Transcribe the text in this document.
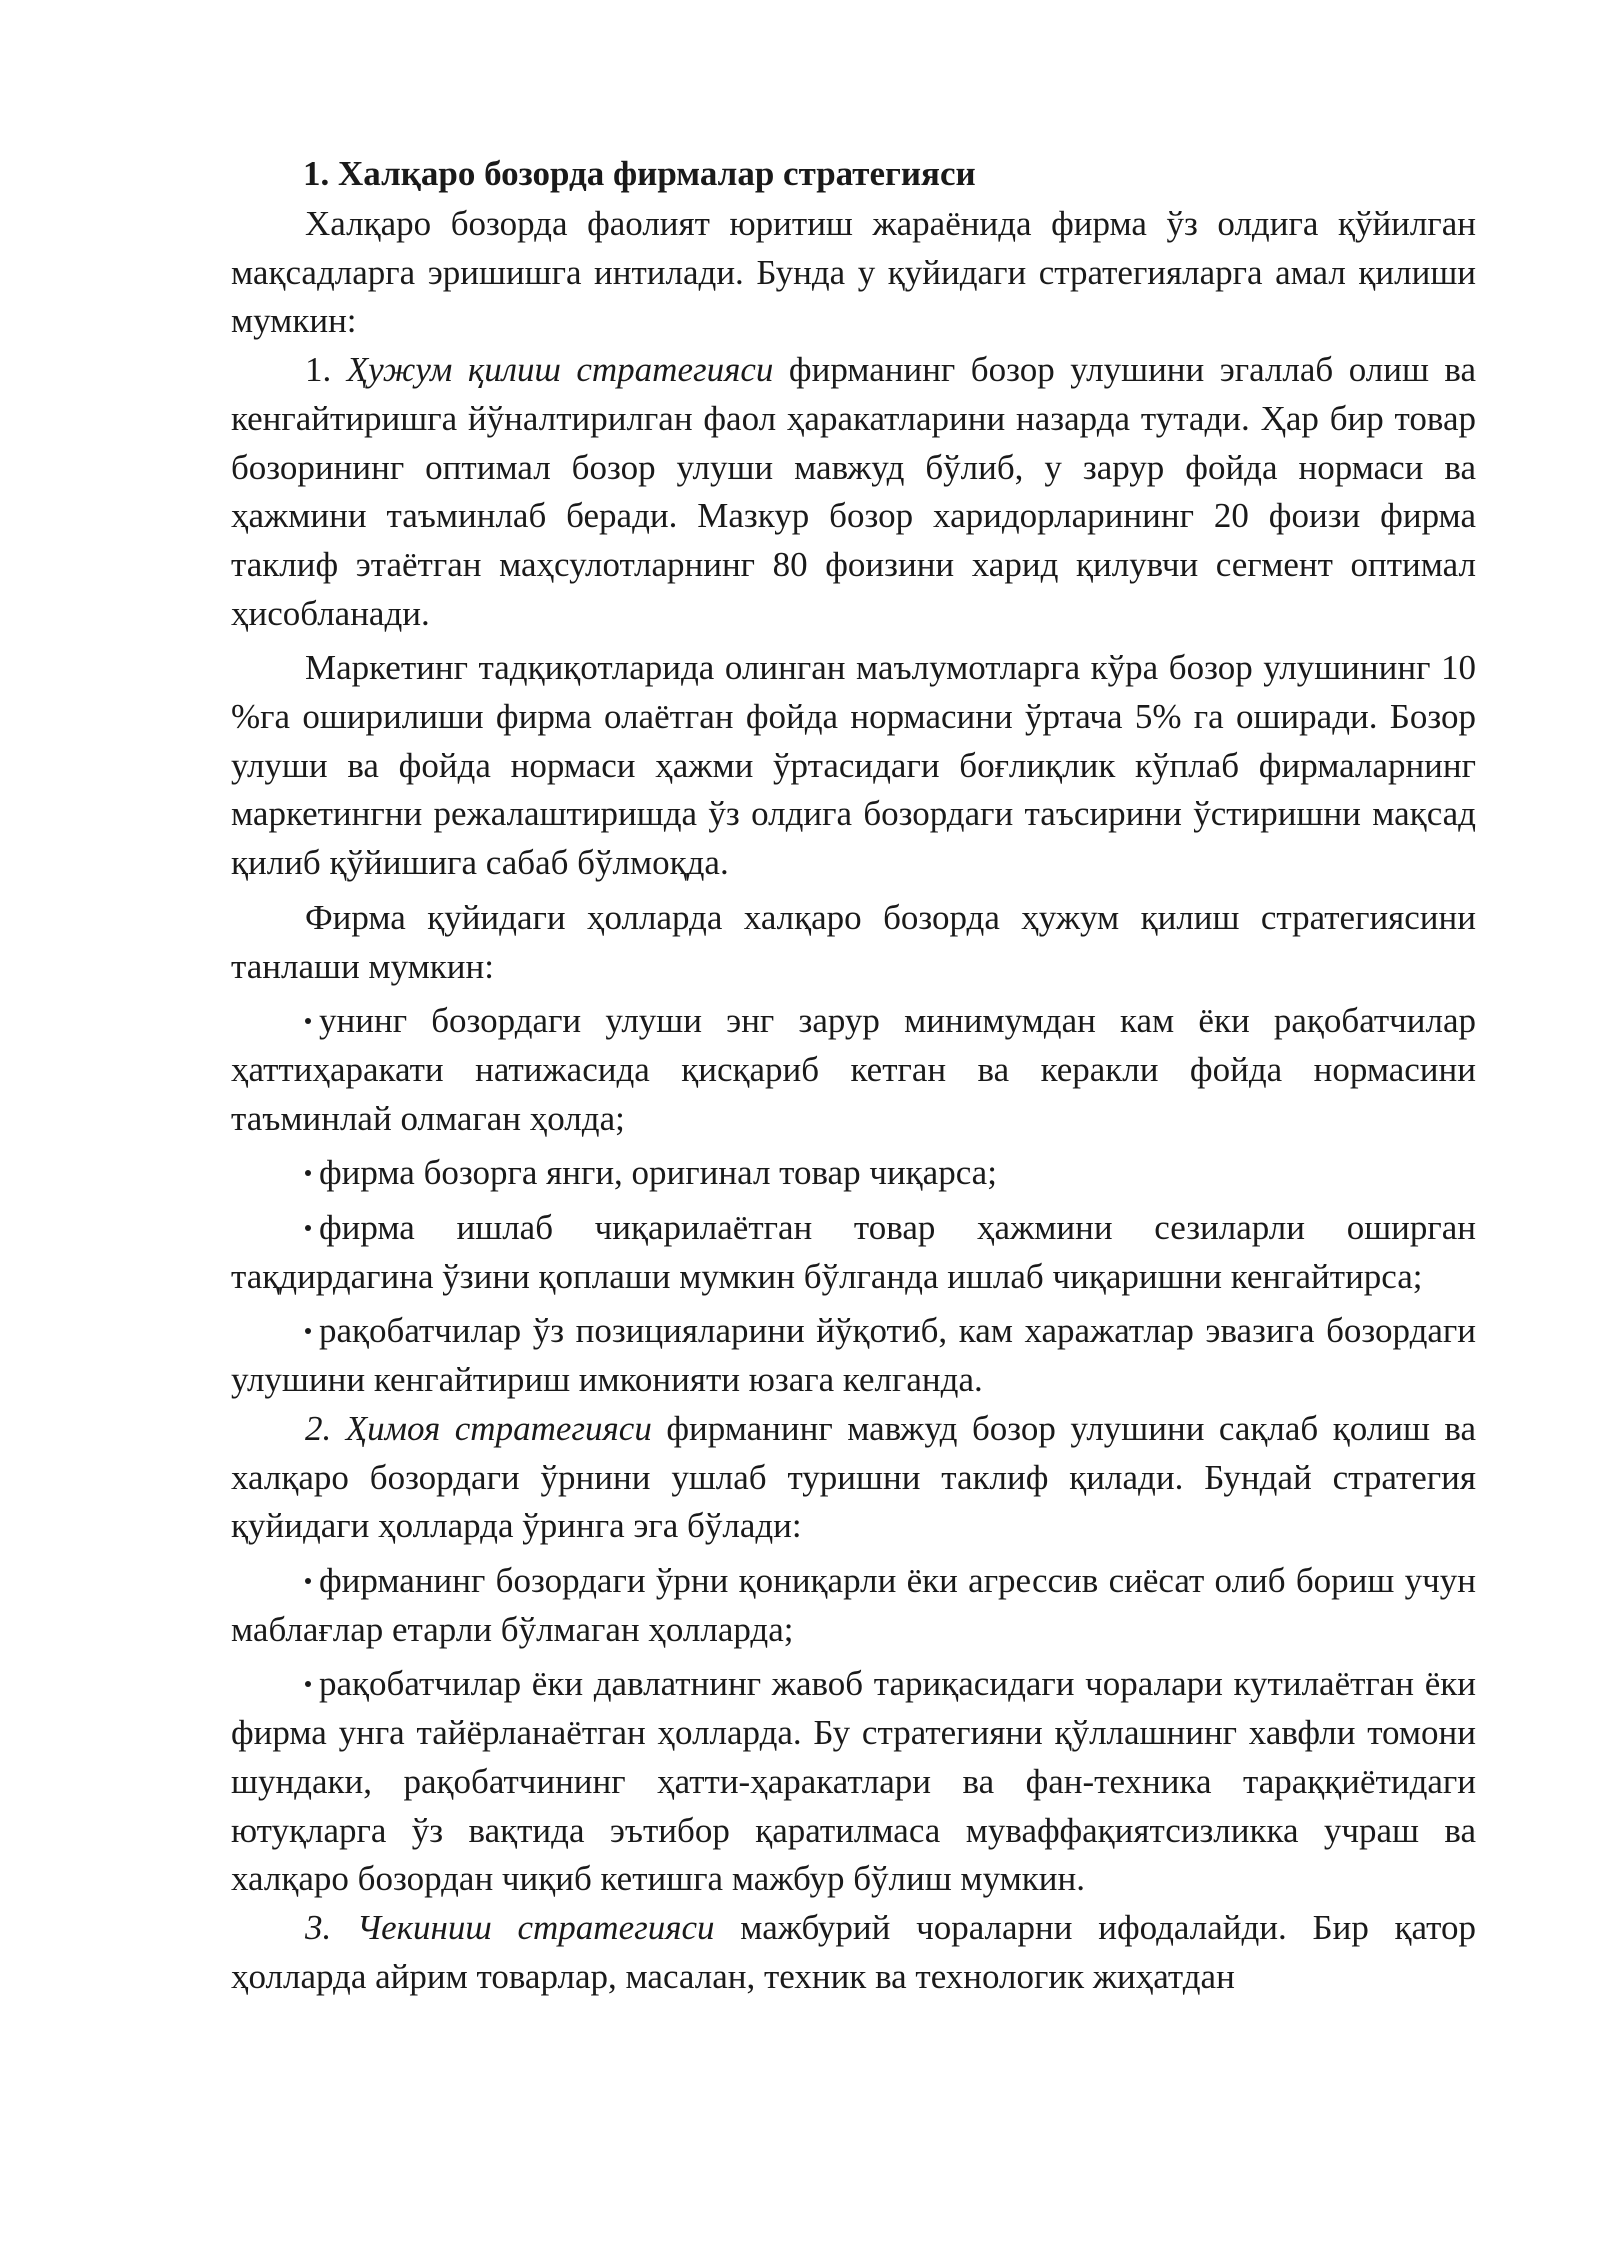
1. Халқаро бозорда фирмалар стратегияси

Халқаро бозорда фаолият юритиш жараёнида фирма ўз олдига қўйилган мақсадларга эришишга интилади. Бунда у қуйидаги стратегияларга амал қилиши мумкин:

1. Ҳужум қилиш стратегияси фирманинг бозор улушини эгаллаб олиш ва кенгайтиришга йўналтирилган фаол ҳаракатларини назарда тутади. Ҳар бир товар бозорининг оптимал бозор улуши мавжуд бўлиб, у зарур фойда нормаси ва ҳажмини таъминлаб беради. Мазкур бозор харидорларининг 20 фоизи фирма таклиф этаётган маҳсулотларнинг 80 фоизини харид қилувчи сегмент оптимал ҳисобланади.

Маркетинг тадқиқотларида олинган маълумотларга кўра бозор улушининг 10 %га оширилиши фирма олаётган фойда нормасини ўртача 5% га оширади. Бозор улуши ва фойда нормаси ҳажми ўртасидаги боғлиқлик кўплаб фирмаларнинг маркетингни режалаштиришда ўз олдига бозордаги таъсирини ўстиришни мақсад қилиб қўйишига сабаб бўлмоқда.

Фирма қуйидаги ҳолларда халқаро бозорда ҳужум қилиш стратегиясини танлаши мумкин:

унинг бозордаги улуши энг зарур минимумдан кам ёки рақобатчилар ҳаттиҳаракати натижасида қисқариб кетган ва керакли фойда нормасини таъминлай олмаган ҳолда;

фирма бозорга янги, оригинал товар чиқарса;

фирма ишлаб чиқарилаётган товар ҳажмини сезиларли оширган тақдирдагина ўзини қоплаши мумкин бўлганда ишлаб чиқаришни кенгайтирса;

рақобатчилар ўз позицияларини йўқотиб, кам харажатлар эвазига бозордаги улушини кенгайтириш имконияти юзага келганда.

2. Ҳимоя стратегияси фирманинг мавжуд бозор улушини сақлаб қолиш ва халқаро бозордаги ўрнини ушлаб туришни таклиф қилади. Бундай стратегия қуйидаги ҳолларда ўринга эга бўлади:

фирманинг бозордаги ўрни қониқарли ёки агрессив сиёсат олиб бориш учун маблағлар етарли бўлмаган ҳолларда;

рақобатчилар ёки давлатнинг жавоб тариқасидаги чоралари кутилаётган ёки фирма унга тайёрланаётган ҳолларда. Бу стратегияни қўллашнинг хавфли томони шундаки, рақобатчининг ҳатти-ҳаракатлари ва фан-техника тараққиётидаги ютуқларга ўз вақтида эътибор қаратилмаса муваффақиятсизликка учраш ва халқаро бозордан чиқиб кетишга мажбур бўлиш мумкин.

3. Чекиниш стратегияси мажбурий чораларни ифодалайди. Бир қатор ҳолларда айрим товарлар, масалан, техник ва технологик жиҳатдан
